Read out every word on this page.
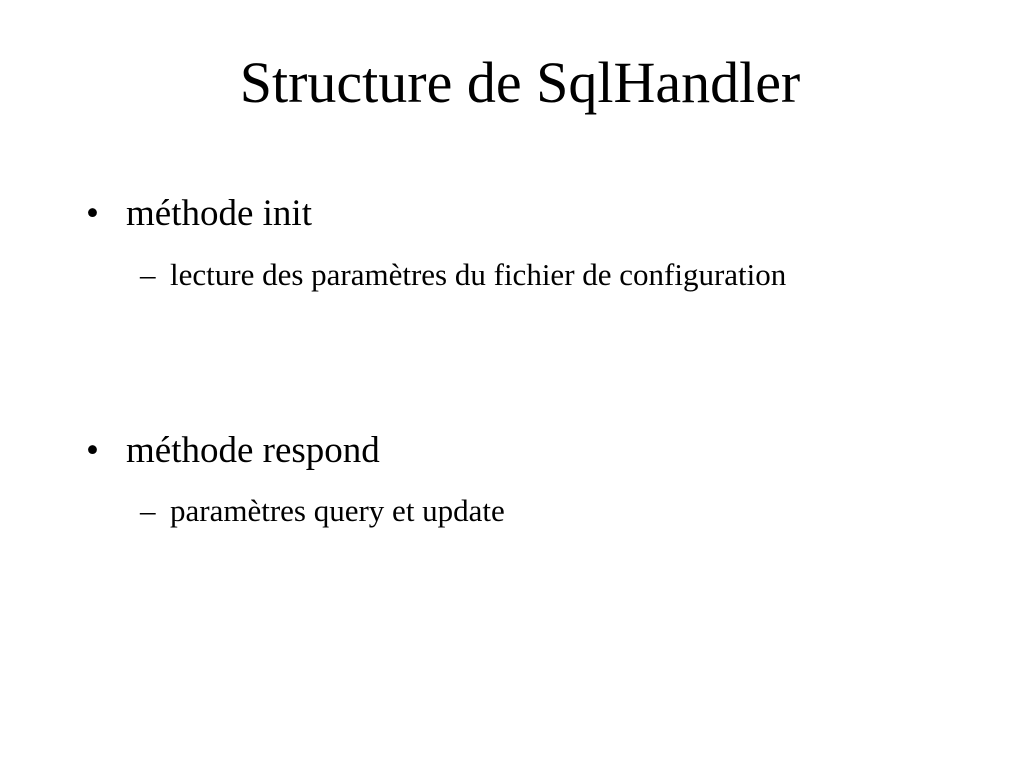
Structure de SqlHandler
• méthode init
– lecture des paramètres du fichier de configuration
• méthode respond
– paramètres query et update
